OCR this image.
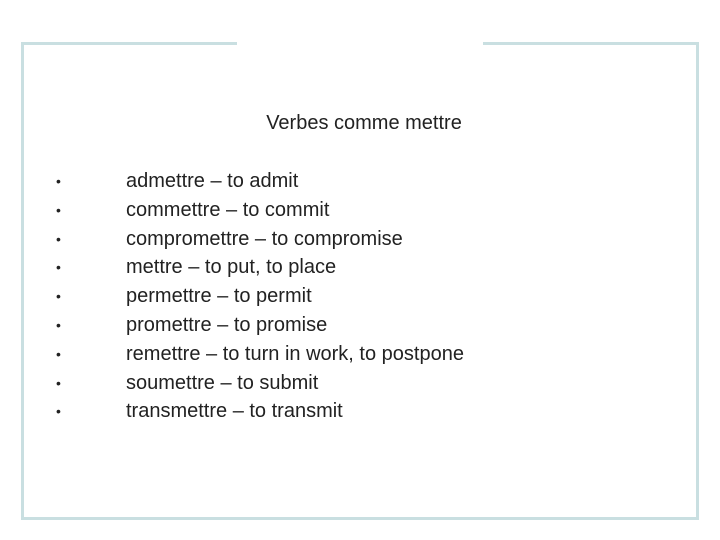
Verbes comme mettre
•	admettre – to admit
•	commettre – to commit
•	compromettre – to compromise
•	mettre – to put, to place
•	permettre – to permit
•	promettre – to promise
•	remettre – to turn in work, to postpone
•	soumettre – to submit
•	transmettre – to transmit
